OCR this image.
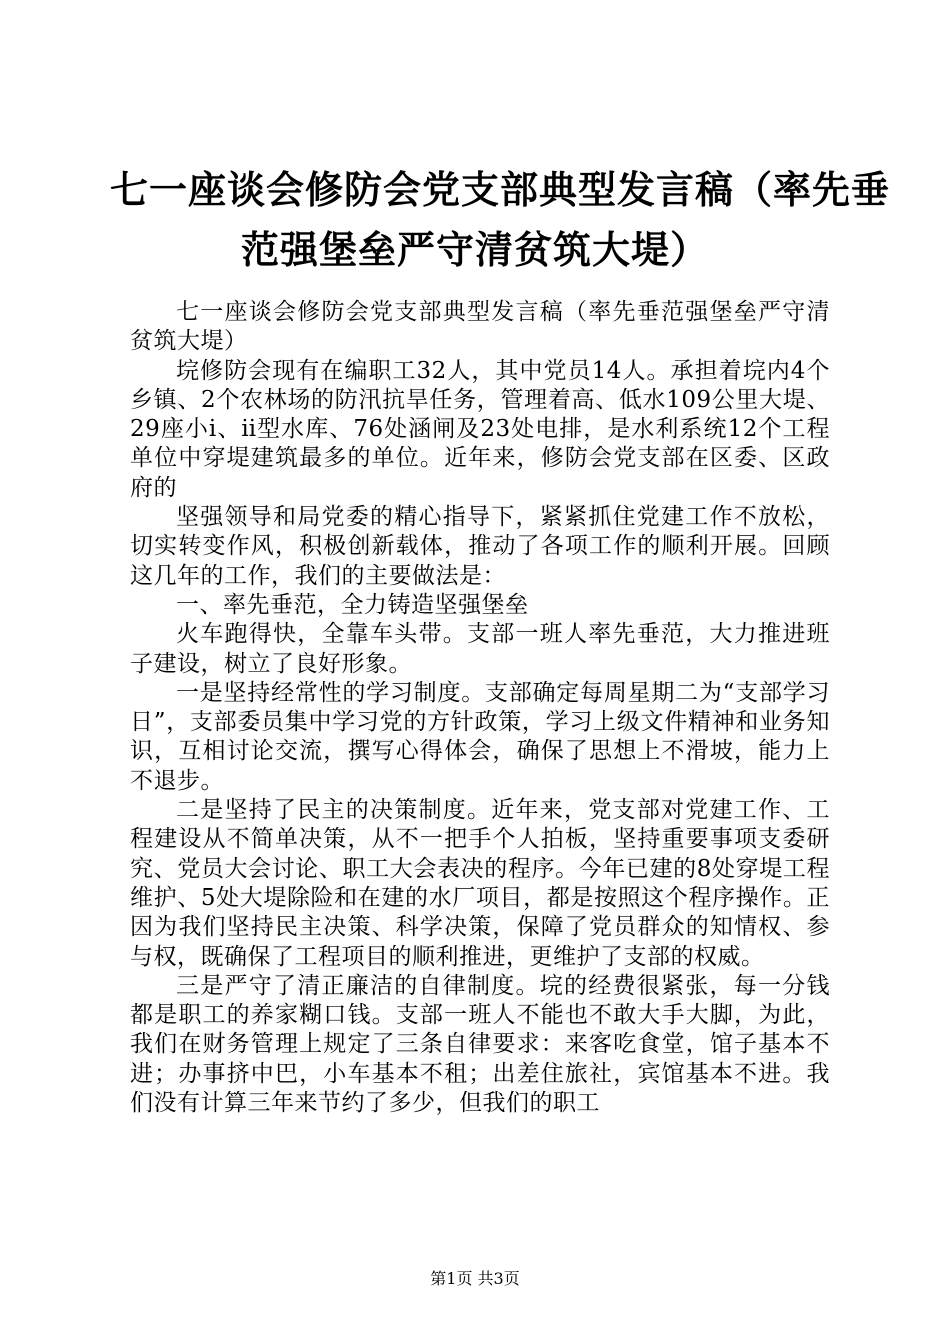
七一座谈会修防会党支部典型发言稿（率先垂
范强堡垒严守清贫筑大堤）

七一座谈会修防会党支部典型发言稿（率先垂范强堡垒严守清贫筑大堤）

垸修防会现有在编职工32人，其中党员14人。承担着垸内4个乡镇、2个农林场的防汛抗旱任务，管理着高、低水109公里大堤、29座小ⅰ、ⅱ型水库、76处涵闸及23处电排，是水利系统12个工程单位中穿堤建筑最多的单位。近年来，修防会党支部在区委、区政府的

坚强领导和局党委的精心指导下，紧紧抓住党建工作不放松，切实转变作风，积极创新载体，推动了各项工作的顺利开展。回顾这几年的工作，我们的主要做法是：

一、率先垂范，全力铸造坚强堡垒

火车跑得快，全靠车头带。支部一班人率先垂范，大力推进班子建设，树立了良好形象。

一是坚持经常性的学习制度。支部确定每周星期二为“支部学习日”，支部委员集中学习党的方针政策，学习上级文件精神和业务知识，互相讨论交流，撰写心得体会，确保了思想上不滑坡，能力上不退步。

二是坚持了民主的决策制度。近年来，党支部对党建工作、工程建设从不简单决策，从不一把手个人拍板，坚持重要事项支委研究、党员大会讨论、职工大会表决的程序。今年已建的8处穿堤工程维护、5处大堤除险和在建的水厂项目，都是按照这个程序操作。正因为我们坚持民主决策、科学决策，保障了党员群众的知情权、参与权，既确保了工程项目的顺利推进，更维护了支部的权威。

三是严守了清正廉洁的自律制度。垸的经费很紧张，每一分钱都是职工的养家糊口钱。支部一班人不能也不敢大手大脚，为此，我们在财务管理上规定了三条自律要求：来客吃食堂，馆子基本不进；办事挤中巴，小车基本不租；出差住旅社，宾馆基本不进。我们没有计算三年来节约了多少，但我们的职工

第1页 共3页
